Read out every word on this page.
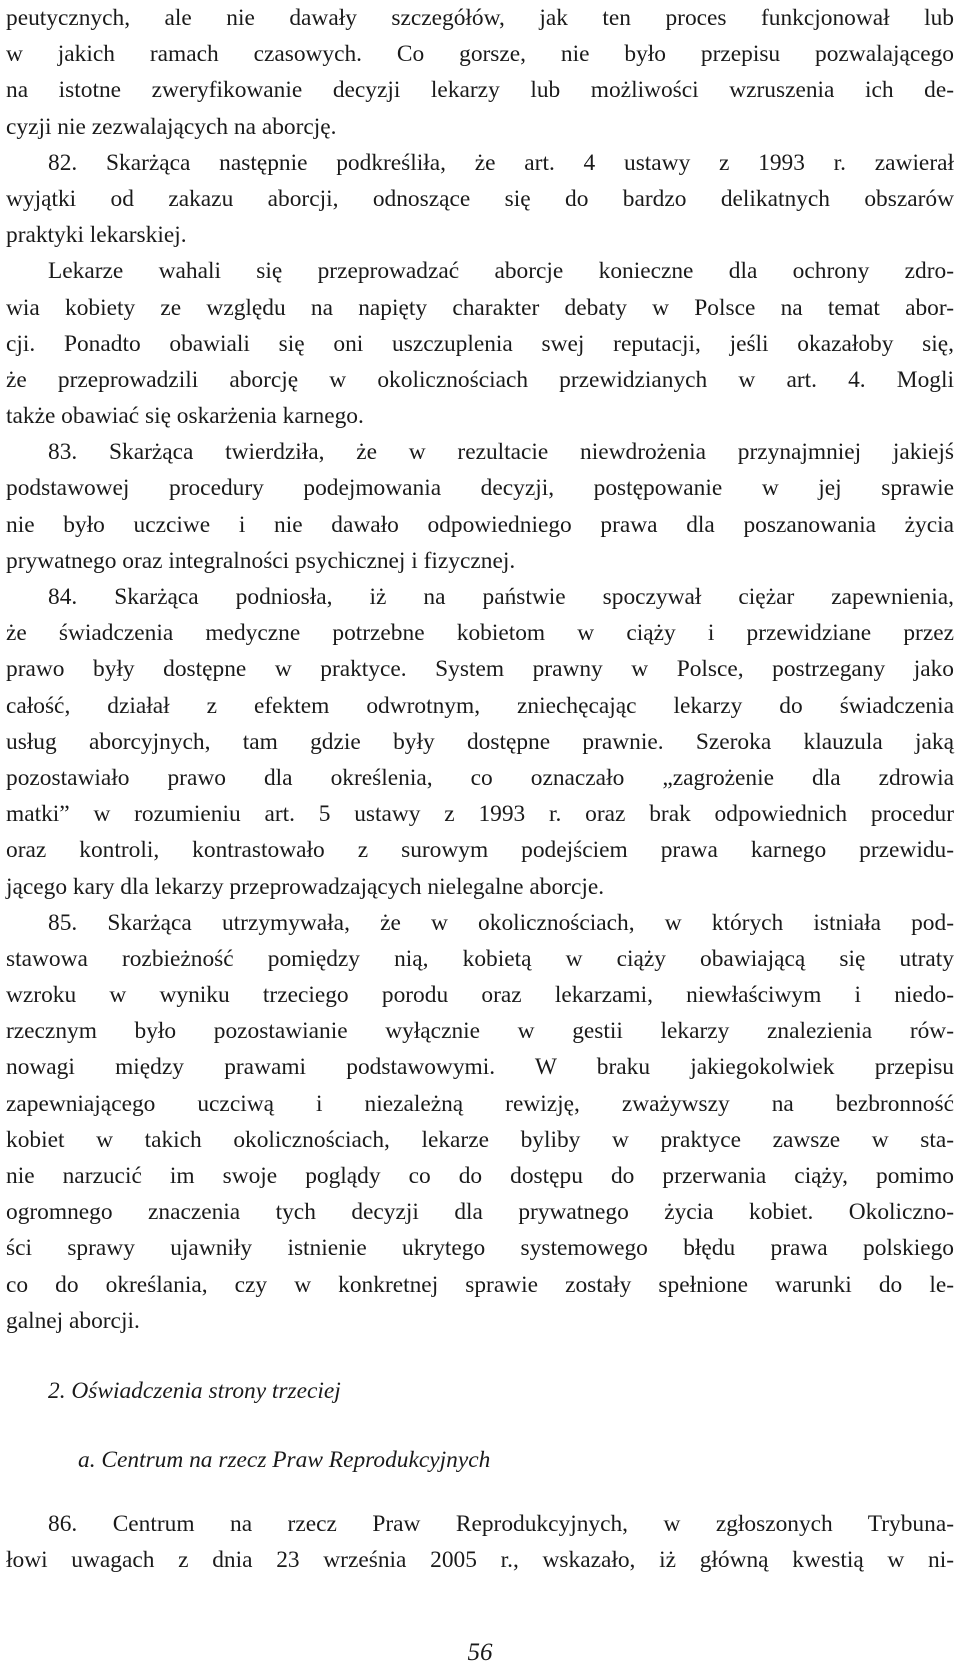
peutycznych, ale nie dawały szczegółów, jak ten proces funkcjonował lub
w jakich ramach czasowych. Co gorsze, nie było przepisu pozwalającego
na istotne zweryfikowanie decyzji lekarzy lub możliwości wzruszenia ich de-
cyzji nie zezwalających na aborcję.
82. Skarżąca następnie podkreśliła, że art. 4 ustawy z 1993 r. zawierał
wyjątki od zakazu aborcji, odnoszące się do bardzo delikatnych obszarów
praktyki lekarskiej.
Lekarze wahali się przeprowadzać aborcje konieczne dla ochrony zdro-
wia kobiety ze względu na napięty charakter debaty w Polsce na temat abor-
cji. Ponadto obawiali się oni uszczuplenia swej reputacji, jeśli okazałoby się,
że przeprowadzili aborcję w okolicznościach przewidzianych w art. 4. Mogli
także obawiać się oskarżenia karnego.
83. Skarżąca twierdziła, że w rezultacie niewdrożenia przynajmniej jakiejś
podstawowej procedury podejmowania decyzji, postępowanie w jej sprawie
nie było uczciwe i nie dawało odpowiedniego prawa dla poszanowania życia
prywatnego oraz integralności psychicznej i fizycznej.
84. Skarżąca podniosła, iż na państwie spoczywał ciężar zapewnienia,
że świadczenia medyczne potrzebne kobietom w ciąży i przewidziane przez
prawo były dostępne w praktyce. System prawny w Polsce, postrzegany jako
całość, działał z efektem odwrotnym, zniechęcając lekarzy do świadczenia
usług aborcyjnych, tam gdzie były dostępne prawnie. Szeroka klauzula jaką
pozostawiało prawo dla określenia, co oznaczało „zagrożenie dla zdrowia
matki” w rozumieniu art. 5 ustawy z 1993 r. oraz brak odpowiednich procedur
oraz kontroli, kontrastowało z surowym podejściem prawa karnego przewidu-
jącego kary dla lekarzy przeprowadzających nielegalne aborcje.
85. Skarżąca utrzymywała, że w okolicznościach, w których istniała pod-
stawowa rozbieżność pomiędzy nią, kobietą w ciąży obawiającą się utraty
wzroku w wyniku trzeciego porodu oraz lekarzami, niewłaściwym i niedo-
rzecznym było pozostawianie wyłącznie w gestii lekarzy znalezienia rów-
nowagi między prawami podstawowymi. W braku jakiegokolwiek przepisu
zapewniającego uczciwą i niezależną rewizję, zważywszy na bezbronność
kobiet w takich okolicznościach, lekarze byliby w praktyce zawsze w sta-
nie narzucić im swoje poglądy co do dostępu do przerwania ciąży, pomimo
ogromnego znaczenia tych decyzji dla prywatnego życia kobiet. Okoliczno-
ści sprawy ujawniły istnienie ukrytego systemowego błędu prawa polskiego
co do określania, czy w konkretnej sprawie zostały spełnione warunki do le-
galnej aborcji.
2. Oświadczenia strony trzeciej
a. Centrum na rzecz Praw Reprodukcyjnych
86. Centrum na rzecz Praw Reprodukcyjnych, w zgłoszonych Trybuna-
łowi uwagach z dnia 23 września 2005 r., wskazało, iż główną kwestią w ni-
56
